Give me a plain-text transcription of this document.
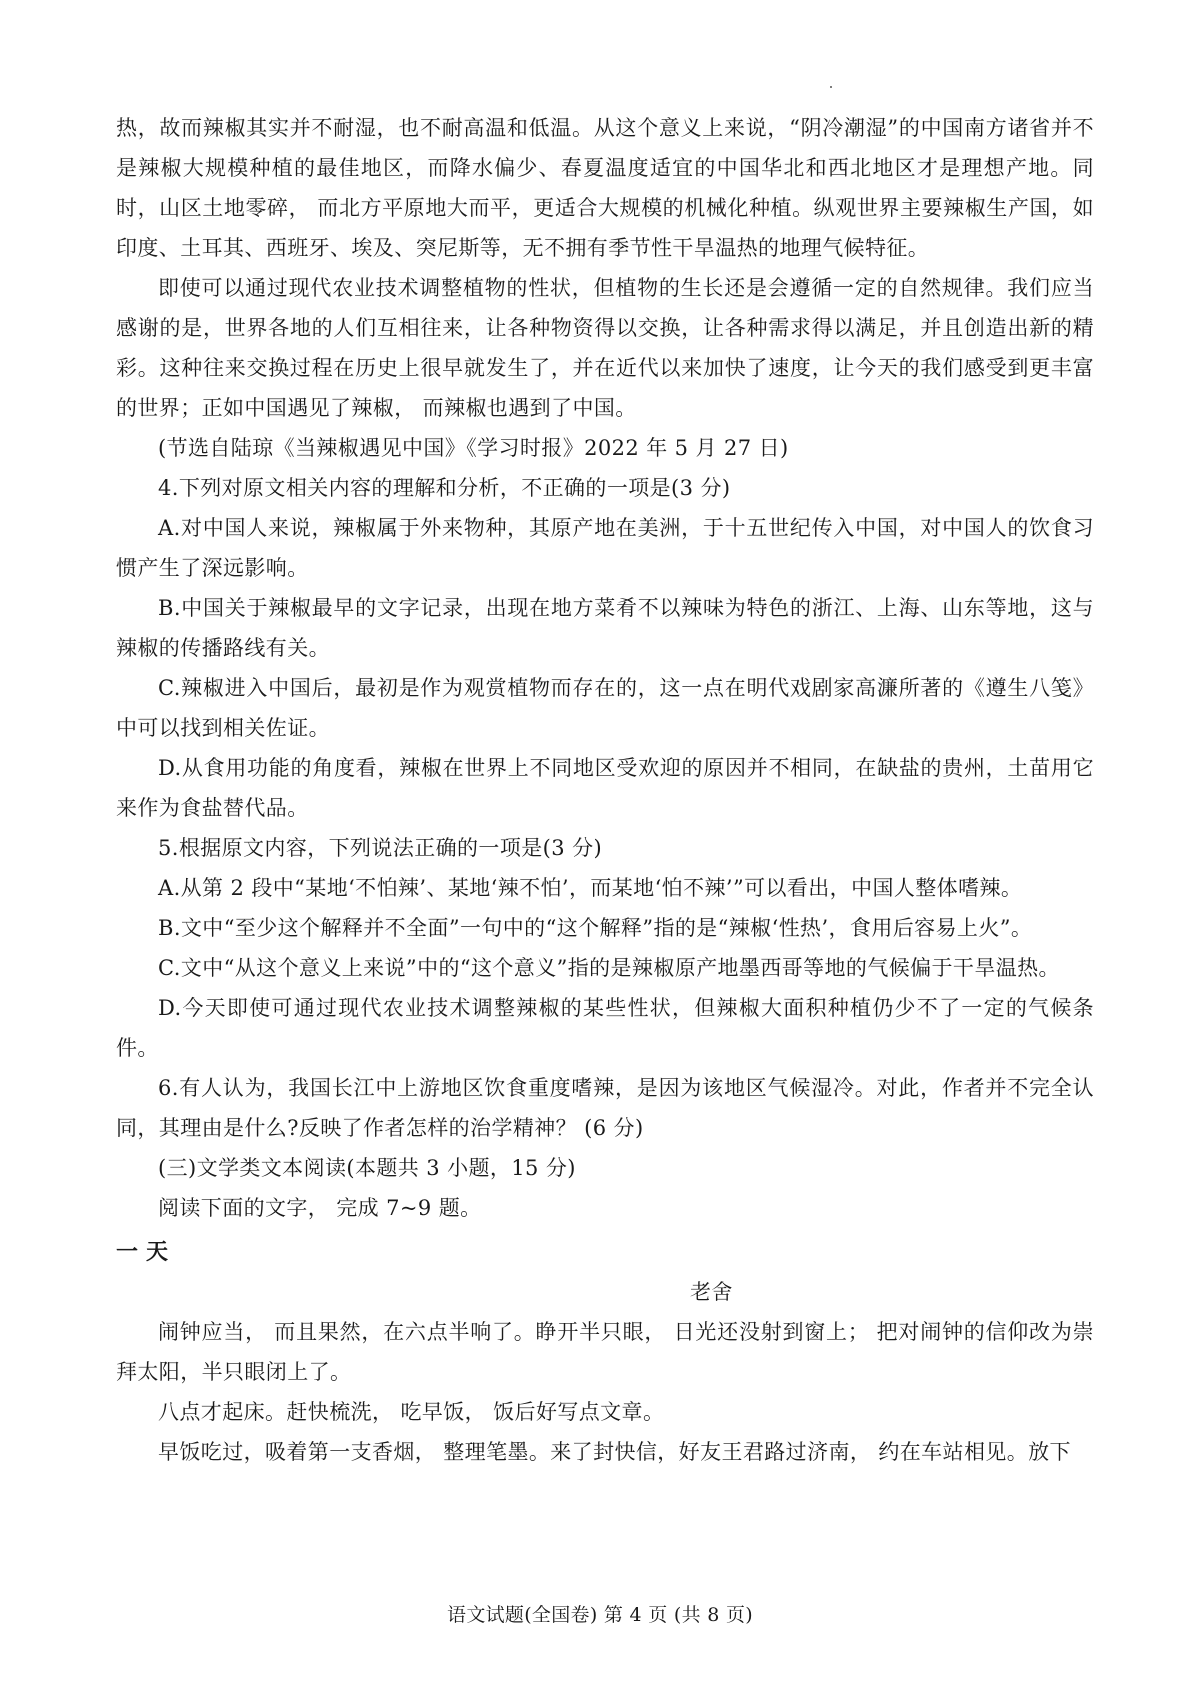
热，故而辣椒其实并不耐湿，也不耐高温和低温。从这个意义上来说，“阴冷潮湿”的中国南方诸省并不是辣椒大规模种植的最佳地区，而降水偏少、春夏温度适宜的中国华北和西北地区才是理想产地。同时，山区土地零碎， 而北方平原地大而平，更适合大规模的机械化种植。纵观世界主要辣椒生产国，如印度、土耳其、西班牙、埃及、突尼斯等，无不拥有季节性干旱温热的地理气候特征。

即使可以通过现代农业技术调整植物的性状，但植物的生长还是会遵循一定的自然规律。我们应当感谢的是，世界各地的人们互相往来，让各种物资得以交换，让各种需求得以满足，并且创造出新的精彩。这种往来交换过程在历史上很早就发生了，并在近代以来加快了速度，让今天的我们感受到更丰富的世界；正如中国遇见了辣椒， 而辣椒也遇到了中国。

(节选自陆琼《当辣椒遇见中国》《学习时报》2022 年 5 月 27 日)

4.下列对原文相关内容的理解和分析，不正确的一项是(3 分)

A.对中国人来说，辣椒属于外来物种，其原产地在美洲，于十五世纪传入中国，对中国人的饮食习惯产生了深远影响。

B.中国关于辣椒最早的文字记录，出现在地方菜肴不以辣味为特色的浙江、上海、山东等地，这与辣椒的传播路线有关。

C.辣椒进入中国后，最初是作为观赏植物而存在的，这一点在明代戏剧家高濂所著的《遵生八笺》中可以找到相关佐证。

D.从食用功能的角度看，辣椒在世界上不同地区受欢迎的原因并不相同，在缺盐的贵州，土苗用它来作为食盐替代品。

5.根据原文内容，下列说法正确的一项是(3 分)

A.从第 2 段中“某地‘不怕辣’、某地‘辣不怕’，而某地‘怕不辣’”可以看出，中国人整体嗜辣。

B.文中“至少这个解释并不全面”一句中的“这个解释”指的是“辣椒‘性热’，食用后容易上火”。

C.文中“从这个意义上来说”中的“这个意义”指的是辣椒原产地墨西哥等地的气候偏于干旱温热。

D.今天即使可通过现代农业技术调整辣椒的某些性状，但辣椒大面积种植仍少不了一定的气候条件。

6.有人认为，我国长江中上游地区饮食重度嗜辣，是因为该地区气候湿冷。对此，作者并不完全认同，其理由是什么?反映了作者怎样的治学精神？ (6 分)

(三)文学类文本阅读(本题共 3 小题，15 分)

阅读下面的文字， 完成 7~9 题。

一天

老舍

闹钟应当， 而且果然，在六点半响了。睁开半只眼， 日光还没射到窗上； 把对闹钟的信仰改为崇拜太阳，半只眼闭上了。

八点才起床。赶快梳洗， 吃早饭， 饭后好写点文章。

早饭吃过，吸着第一支香烟， 整理笔墨。来了封快信，好友王君路过济南， 约在车站相见。放下

语文试题(全国卷) 第 4 页 (共 8 页)
